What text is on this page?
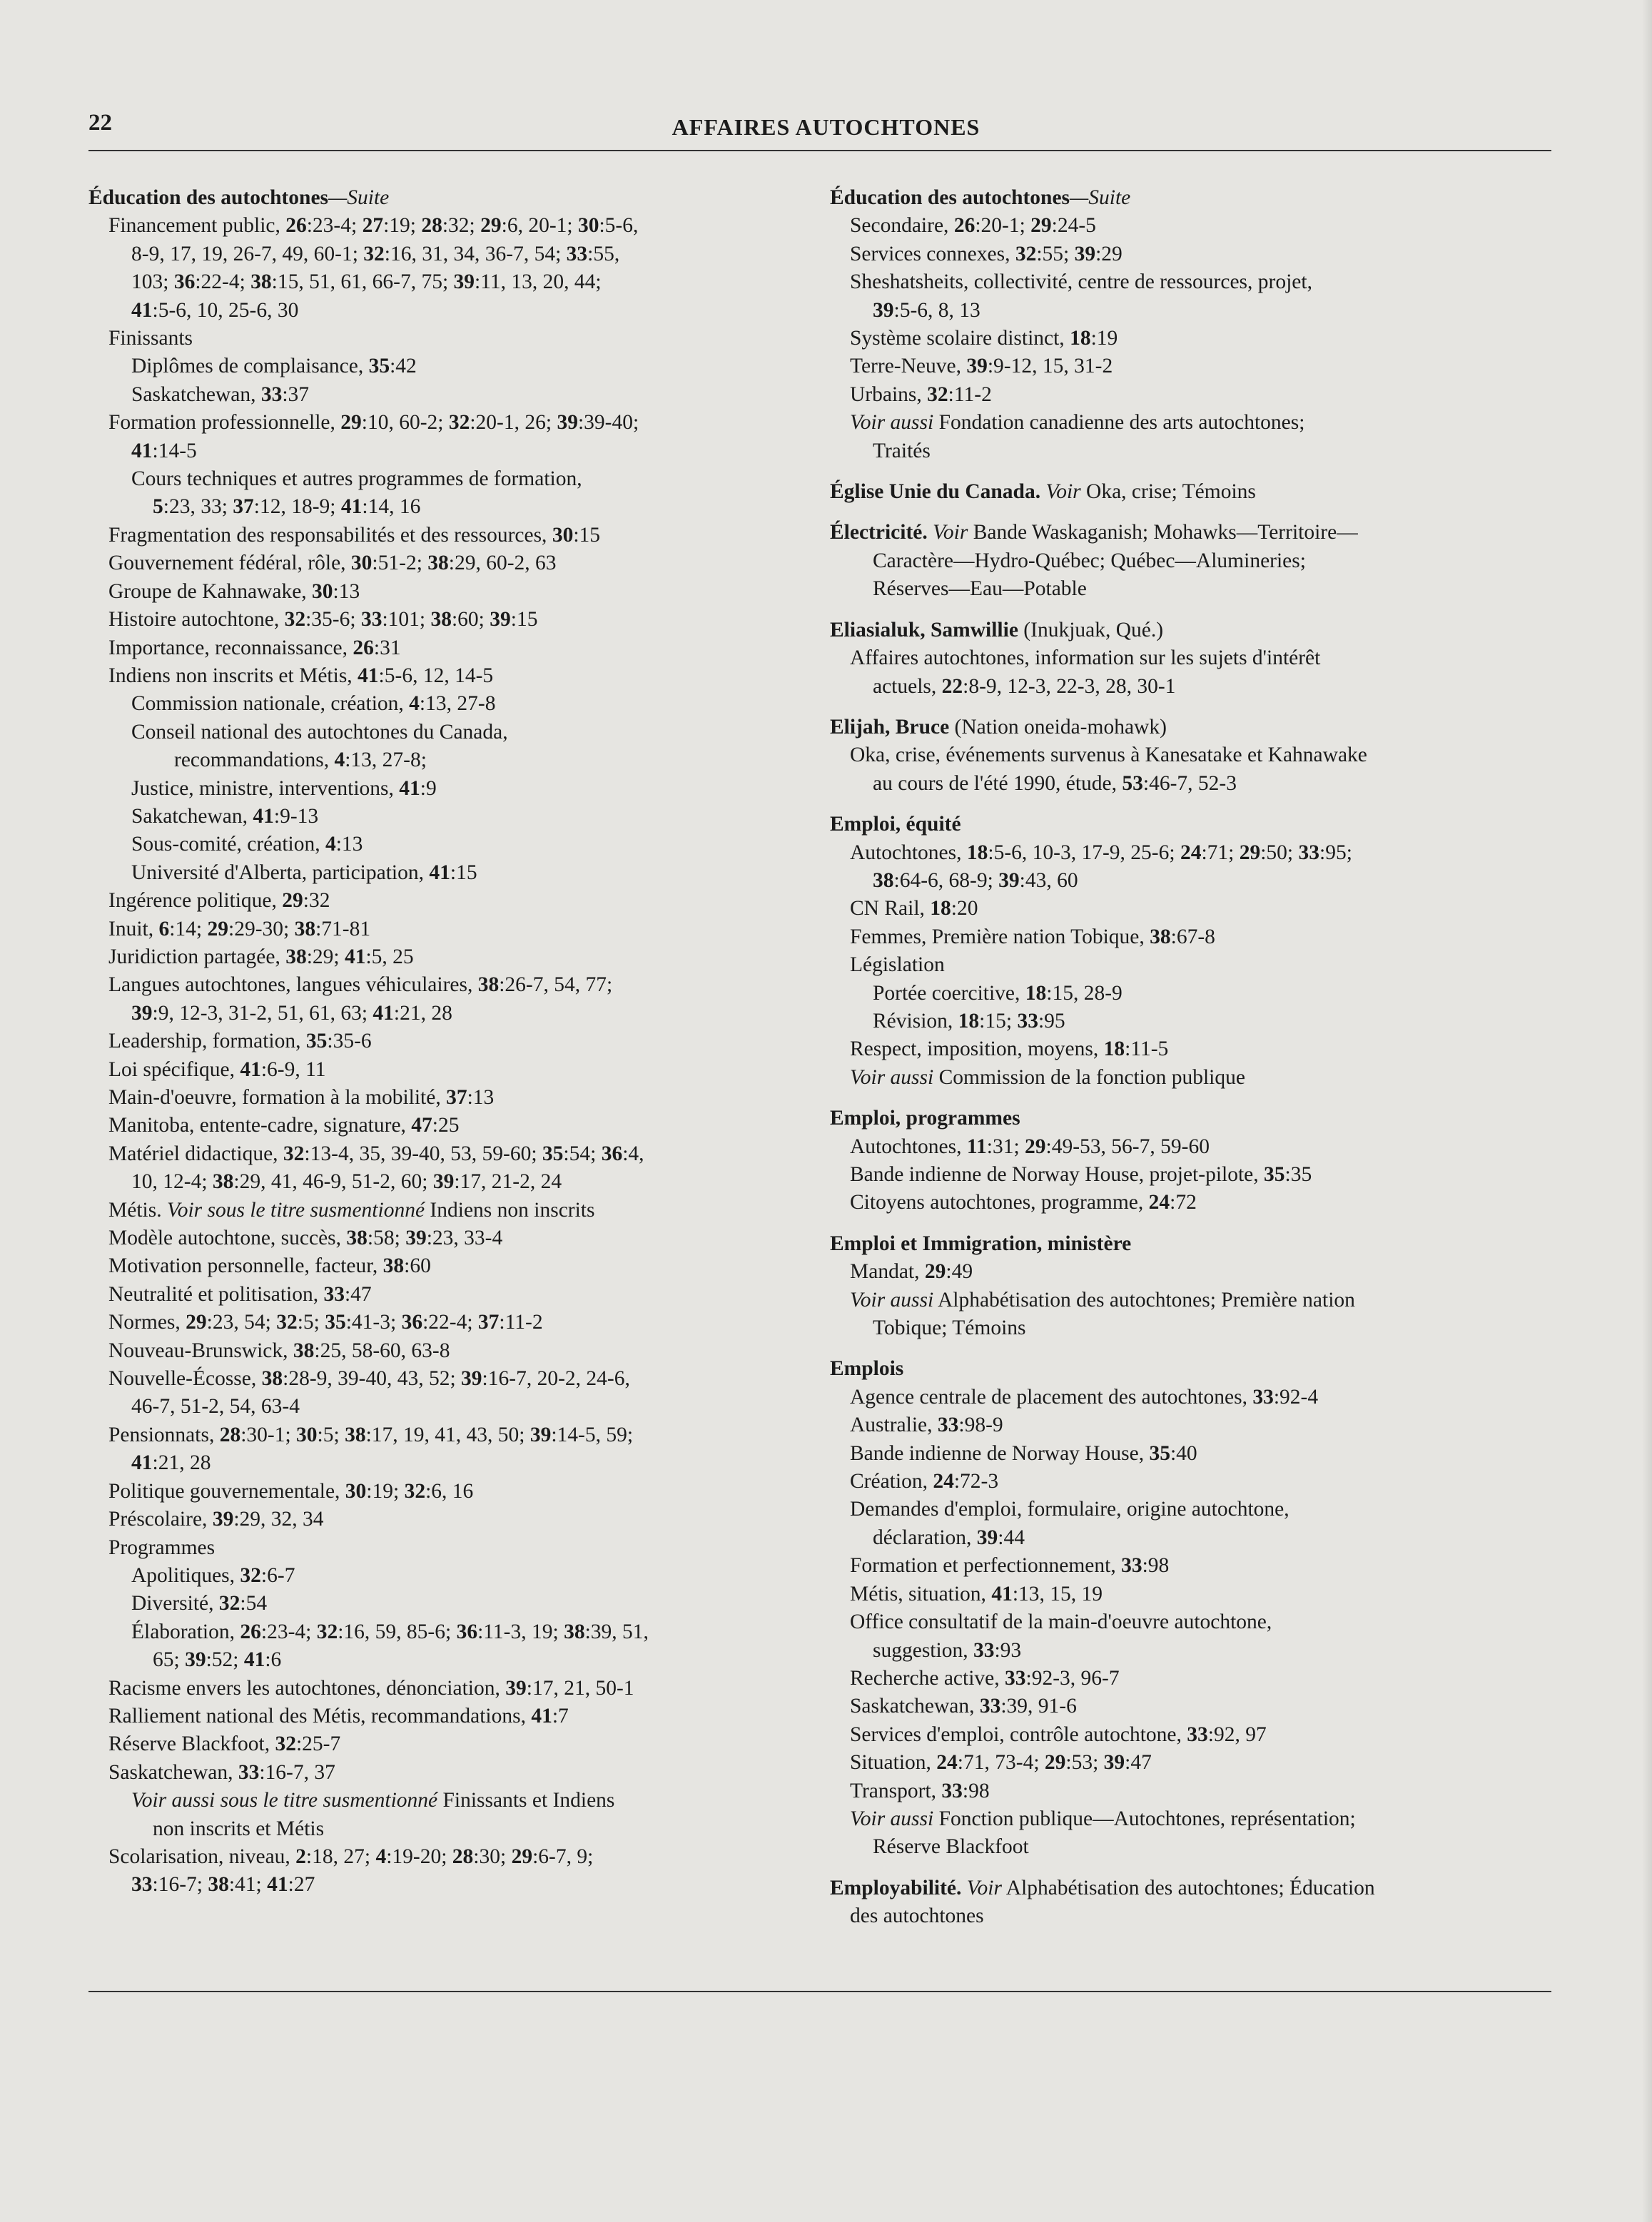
22	AFFAIRES AUTOCHTONES
Éducation des autochtones—Suite
Financement public, 26:23-4; 27:19; 28:32; 29:6, 20-1; 30:5-6,
8-9, 17, 19, 26-7, 49, 60-1; 32:16, 31, 34, 36-7, 54; 33:55,
103; 36:22-4; 38:15, 51, 61, 66-7, 75; 39:11, 13, 20, 44;
41:5-6, 10, 25-6, 30
Finissants
Diplômes de complaisance, 35:42
Saskatchewan, 33:37
Formation professionnelle, 29:10, 60-2; 32:20-1, 26; 39:39-40;
41:14-5
Cours techniques et autres programmes de formation,
5:23, 33; 37:12, 18-9; 41:14, 16
Fragmentation des responsabilités et des ressources, 30:15
Gouvernement fédéral, rôle, 30:51-2; 38:29, 60-2, 63
Groupe de Kahnawake, 30:13
Histoire autochtone, 32:35-6; 33:101; 38:60; 39:15
Importance, reconnaissance, 26:31
Indiens non inscrits et Métis, 41:5-6, 12, 14-5
Commission nationale, création, 4:13, 27-8
Conseil national des autochtones du Canada,
recommandations, 4:13, 27-8;
Justice, ministre, interventions, 41:9
Sakatchewan, 41:9-13
Sous-comité, création, 4:13
Université d'Alberta, participation, 41:15
Ingérence politique, 29:32
Inuit, 6:14; 29:29-30; 38:71-81
Juridiction partagée, 38:29; 41:5, 25
Langues autochtones, langues véhiculaires, 38:26-7, 54, 77;
39:9, 12-3, 31-2, 51, 61, 63; 41:21, 28
Leadership, formation, 35:35-6
Loi spécifique, 41:6-9, 11
Main-d'oeuvre, formation à la mobilité, 37:13
Manitoba, entente-cadre, signature, 47:25
Matériel didactique, 32:13-4, 35, 39-40, 53, 59-60; 35:54; 36:4,
10, 12-4; 38:29, 41, 46-9, 51-2, 60; 39:17, 21-2, 24
Métis. Voir sous le titre susmentionné Indiens non inscrits
Modèle autochtone, succès, 38:58; 39:23, 33-4
Motivation personnelle, facteur, 38:60
Neutralité et politisation, 33:47
Normes, 29:23, 54; 32:5; 35:41-3; 36:22-4; 37:11-2
Nouveau-Brunswick, 38:25, 58-60, 63-8
Nouvelle-Écosse, 38:28-9, 39-40, 43, 52; 39:16-7, 20-2, 24-6,
46-7, 51-2, 54, 63-4
Pensionnats, 28:30-1; 30:5; 38:17, 19, 41, 43, 50; 39:14-5, 59;
41:21, 28
Politique gouvernementale, 30:19; 32:6, 16
Préscolaire, 39:29, 32, 34
Programmes
Apolitiques, 32:6-7
Diversité, 32:54
Élaboration, 26:23-4; 32:16, 59, 85-6; 36:11-3, 19; 38:39, 51,
65; 39:52; 41:6
Racisme envers les autochtones, dénonciation, 39:17, 21, 50-1
Ralliement national des Métis, recommandations, 41:7
Réserve Blackfoot, 32:25-7
Saskatchewan, 33:16-7, 37
Voir aussi sous le titre susmentionné Finissants et Indiens
non inscrits et Métis
Scolarisation, niveau, 2:18, 27; 4:19-20; 28:30; 29:6-7, 9;
33:16-7; 38:41; 41:27
Éducation des autochtones—Suite
Secondaire, 26:20-1; 29:24-5
Services connexes, 32:55; 39:29
Sheshatsheits, collectivité, centre de ressources, projet,
39:5-6, 8, 13
Système scolaire distinct, 18:19
Terre-Neuve, 39:9-12, 15, 31-2
Urbains, 32:11-2
Voir aussi Fondation canadienne des arts autochtones;
Traités
Église Unie du Canada. Voir Oka, crise; Témoins
Électricité. Voir Bande Waskaganish; Mohawks—Territoire—
Caractère—Hydro-Québec; Québec—Alumineries;
Réserves—Eau—Potable
Eliasialuk, Samwillie (Inukjuak, Qué.)
Affaires autochtones, information sur les sujets d'intérêt
actuels, 22:8-9, 12-3, 22-3, 28, 30-1
Elijah, Bruce (Nation oneida-mohawk)
Oka, crise, événements survenus à Kanesatake et Kahnawake
au cours de l'été 1990, étude, 53:46-7, 52-3
Emploi, équité
Autochtones, 18:5-6, 10-3, 17-9, 25-6; 24:71; 29:50; 33:95;
38:64-6, 68-9; 39:43, 60
CN Rail, 18:20
Femmes, Première nation Tobique, 38:67-8
Législation
Portée coercitive, 18:15, 28-9
Révision, 18:15; 33:95
Respect, imposition, moyens, 18:11-5
Voir aussi Commission de la fonction publique
Emploi, programmes
Autochtones, 11:31; 29:49-53, 56-7, 59-60
Bande indienne de Norway House, projet-pilote, 35:35
Citoyens autochtones, programme, 24:72
Emploi et Immigration, ministère
Mandat, 29:49
Voir aussi Alphabétisation des autochtones; Première nation
Tobique; Témoins
Emplois
Agence centrale de placement des autochtones, 33:92-4
Australie, 33:98-9
Bande indienne de Norway House, 35:40
Création, 24:72-3
Demandes d'emploi, formulaire, origine autochtone,
déclaration, 39:44
Formation et perfectionnement, 33:98
Métis, situation, 41:13, 15, 19
Office consultatif de la main-d'oeuvre autochtone,
suggestion, 33:93
Recherche active, 33:92-3, 96-7
Saskatchewan, 33:39, 91-6
Services d'emploi, contrôle autochtone, 33:92, 97
Situation, 24:71, 73-4; 29:53; 39:47
Transport, 33:98
Voir aussi Fonction publique—Autochtones, représentation;
Réserve Blackfoot
Employabilité. Voir Alphabétisation des autochtones; Éducation
des autochtones
